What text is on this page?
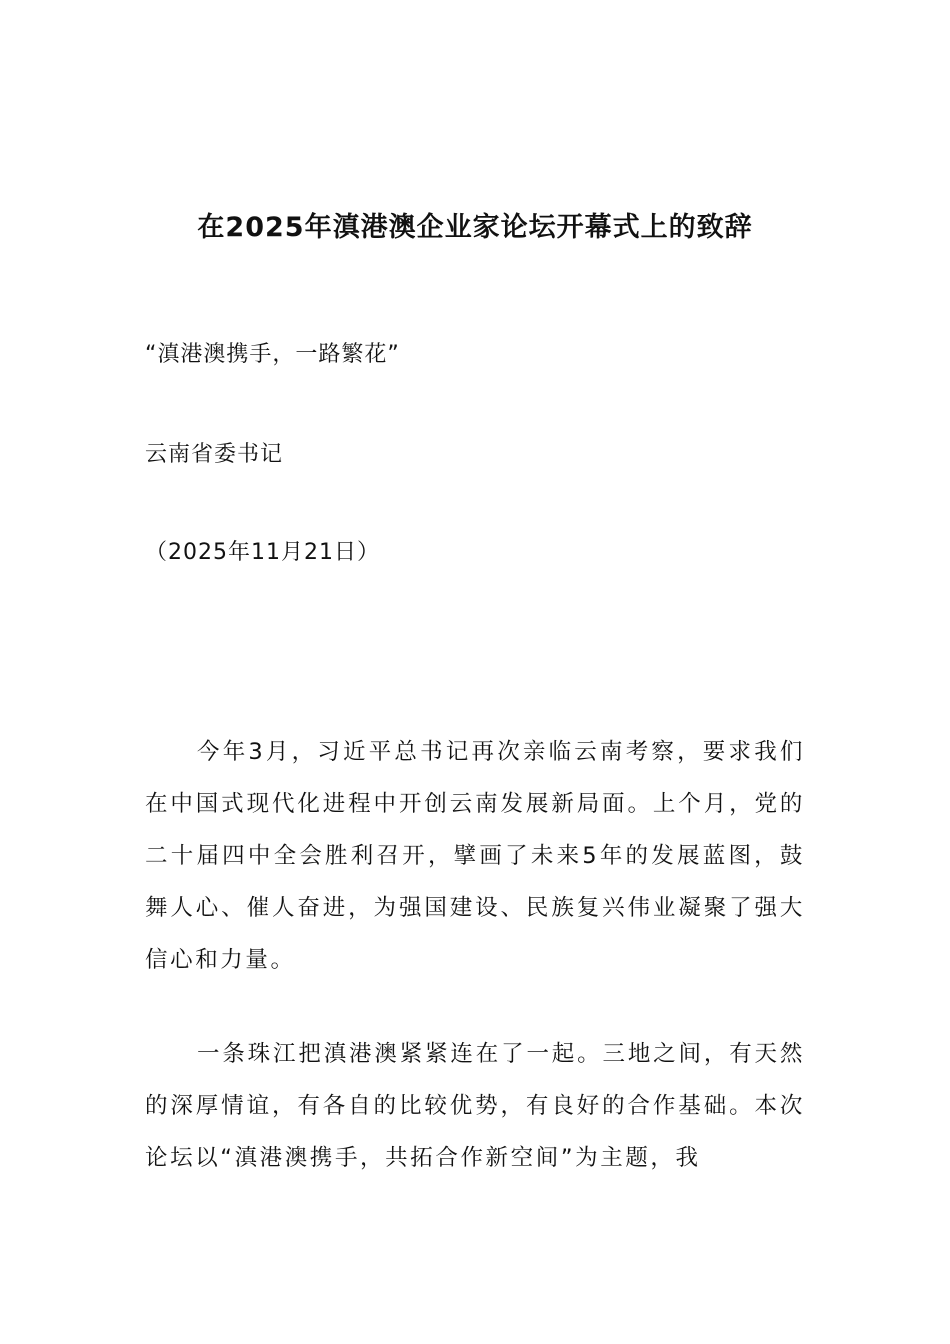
在2025年滇港澳企业家论坛开幕式上的致辞
“滇港澳携手，一路繁花”
云南省委书记
（2025年11月21日）
今年3月，习近平总书记再次亲临云南考察，要求我们在中国式现代化进程中开创云南发展新局面。上个月，党的二十届四中全会胜利召开，擘画了未来5年的发展蓝图，鼓舞人心、催人奋进，为强国建设、民族复兴伟业凝聚了强大信心和力量。
一条珠江把滇港澳紧紧连在了一起。三地之间，有天然的深厚情谊，有各自的比较优势，有良好的合作基础。本次论坛以“滇港澳携手，共拓合作新空间”为主题，我
